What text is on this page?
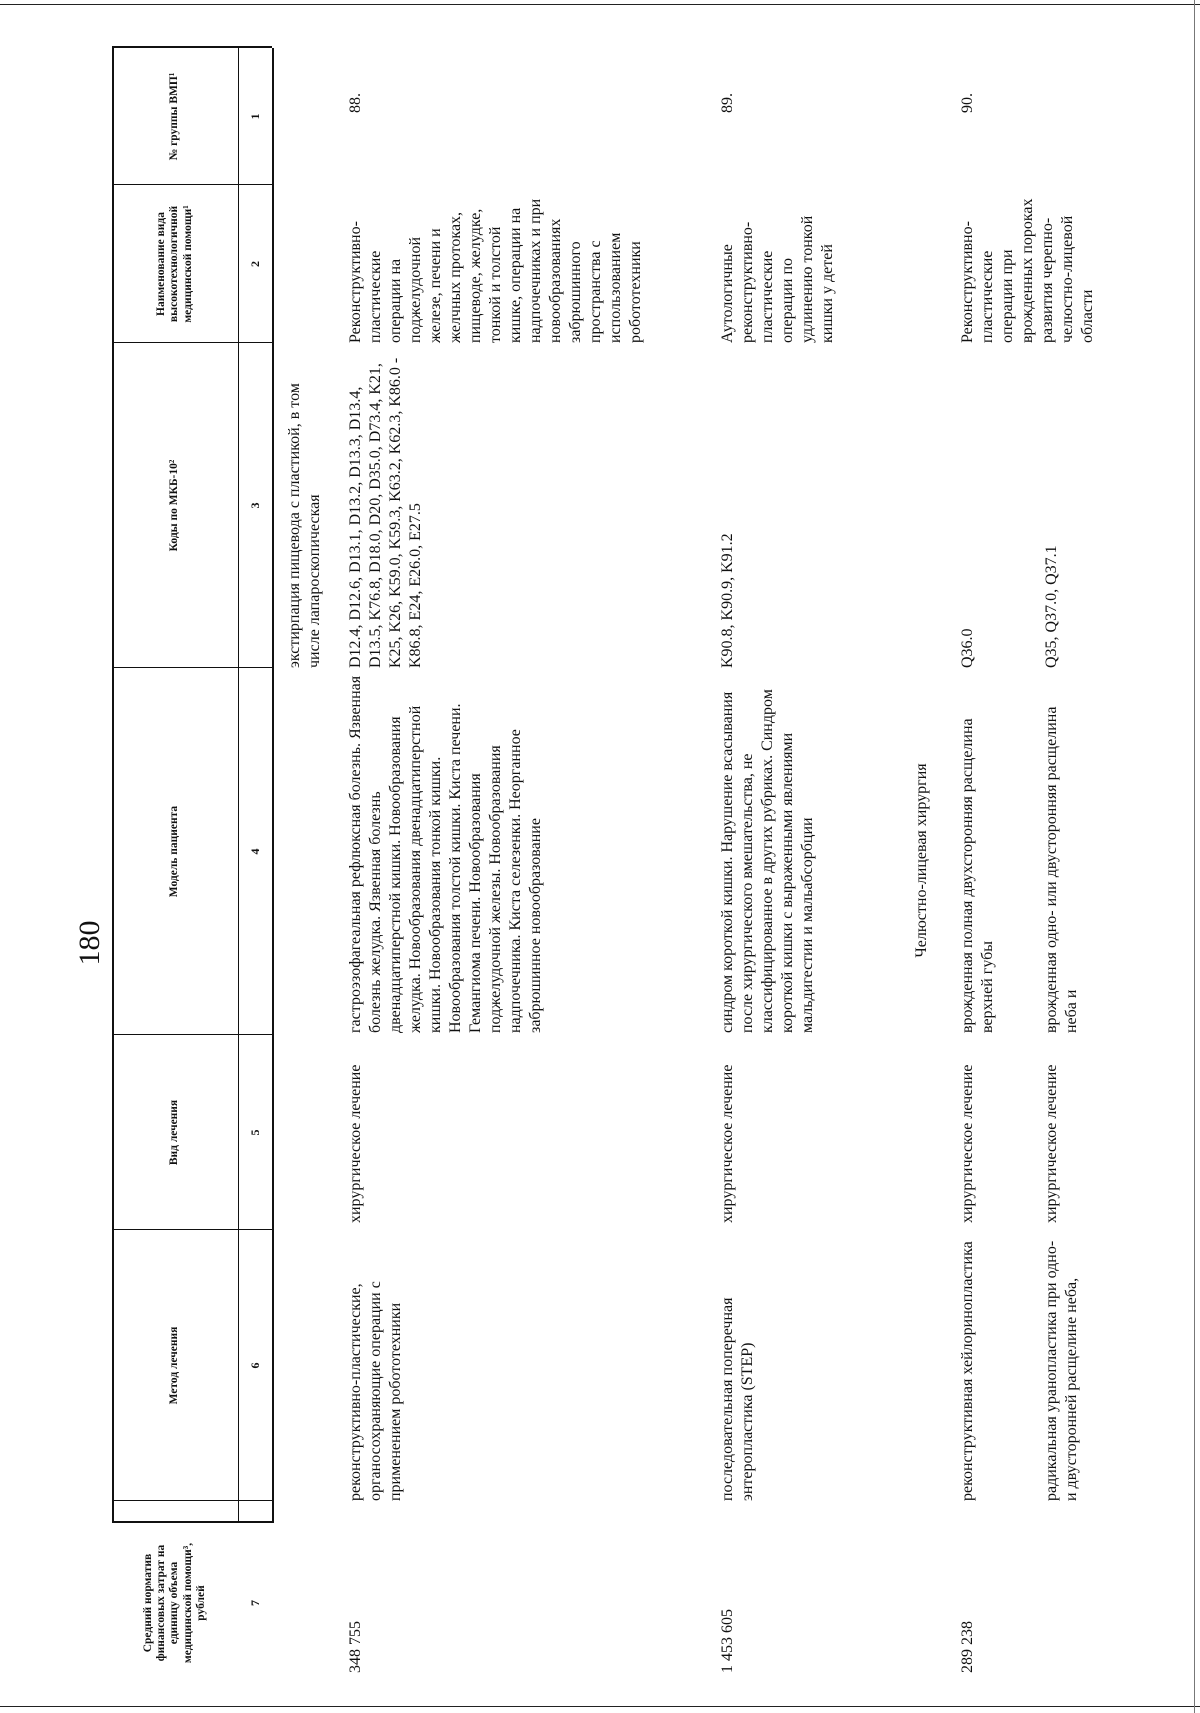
180
№ группы ВМП¹
Наименование вида высокотехнологичной медицинской помощи¹
Коды по МКБ-10²
Модель пациента
Вид лечения
Метод лечения
Средний норматив финансовых затрат на единицу объема медицинской помощи³, рублей
1
2
3
4
5
6
7
экстирпация пищевода с пластикой, в том числе лапароскопическая
88.
Реконструктивно-пластические операции на поджелудочной железе, печени и желчных протоках, пищеводе, желудке, тонкой и толстой кишке, операции на надпочечниках и при новообразованиях забрюшинного пространства с использованием робототехники
D12.4, D12.6, D13.1, D13.2, D13.3, D13.4, D13.5, K76.8, D18.0, D20, D35.0, D73.4, K21, K25, K26, K59.0, K59.3, K63.2, K62.3, K86.0 - K86.8, E24, E26.0, E27.5
гастроэзофагеальная рефлюксная болезнь. Язвенная болезнь желудка. Язвенная болезнь двенадцатиперстной кишки. Новообразования желудка. Новообразования двенадцатиперстной кишки. Новообразования тонкой кишки. Новообразования толстой кишки. Киста печени. Гемангиома печени. Новообразования поджелудочной железы. Новообразования надпочечника. Киста селезенки. Неорганное забрюшинное новообразование
хирургическое лечение
реконструктивно-пластические, органосохраняющие операции с применением робототехники
348 755
89.
Аутологичные реконструктивно-пластические операции по удлинению тонкой кишки у детей
K90.8, K90.9, K91.2
синдром короткой кишки. Нарушение всасывания после хирургического вмешательства, не классифицированное в других рубриках. Синдром короткой кишки с выраженными явлениями мальдигестии и мальабсорбции
хирургическое лечение
последовательная поперечная энтеропластика (STEP)
1 453 605
Челюстно-лицевая хирургия
90.
Реконструктивно-пластические операции при врожденных пороках развития черепно-челюстно-лицевой области
Q36.0
врожденная полная двухсторонняя расщелина верхней губы
хирургическое лечение
реконструктивная хейлоринопластика
289 238
Q35, Q37.0, Q37.1
врожденная одно- или двусторонняя расщелина неба и
хирургическое лечение
радикальная уранопластика при одно- и двусторонней расщелине неба,
